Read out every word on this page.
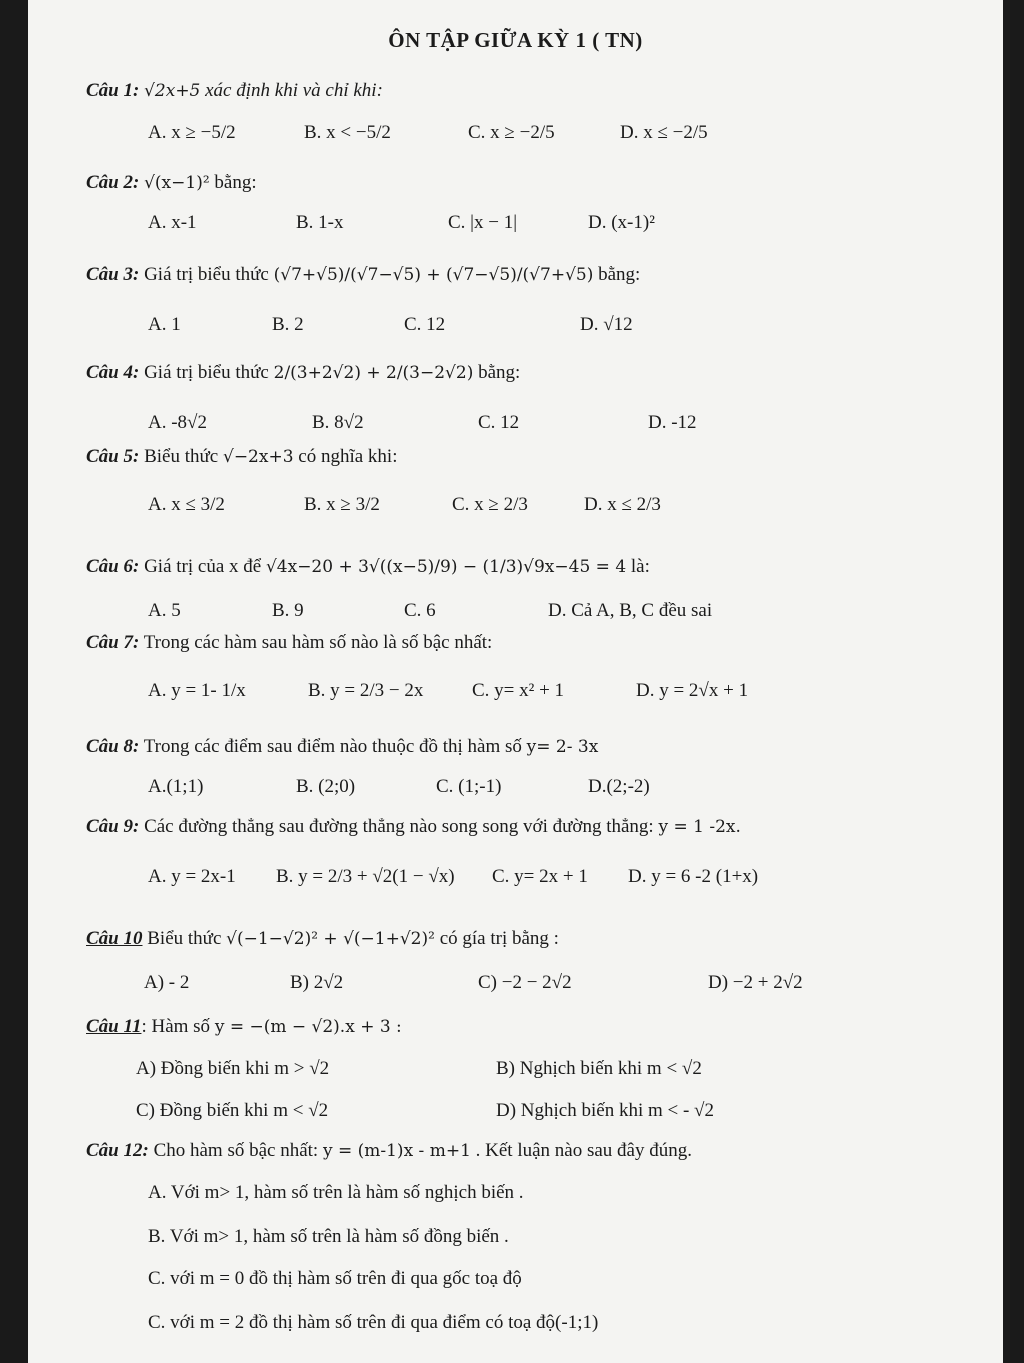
ÔN TẬP GIỮA KỲ 1 ( TN)
Câu 1: √2x+5 xác định khi và chỉ khi:
A. x ≥ −5/2	B. x < −5/2	C. x ≥ −2/5	D. x ≤ −2/5
Câu 2: √(x−1)² bằng:
A. x-1	B. 1-x	C. |x − 1|	D. (x-1)²
Câu 3: Giá trị biểu thức (√7+√5)/(√7−√5) + (√7−√5)/(√7+√5) bằng:
A. 1	B. 2	C. 12	D. √12
Câu 4: Giá trị biểu thức 2/(3+2√2) + 2/(3−2√2) bằng:
A. -8√2	B. 8√2	C. 12	D. -12
Câu 5: Biểu thức √−2x+3 có nghĩa khi:
A. x ≤ 3/2	B. x ≥ 3/2	C. x ≥ 2/3	D. x ≤ 2/3
Câu 6: Giá trị của x để √4x−20 + 3√((x−5)/9) − (1/3)√9x−45 = 4 là:
A. 5	B. 9	C. 6	D. Cả A, B, C đều sai
Câu 7: Trong các hàm sau hàm số nào là số bậc nhất:
A. y = 1- 1/x	B. y = 2/3 − 2x	C. y= x² + 1	D. y = 2√x + 1
Câu 8: Trong các điểm sau điểm nào thuộc đồ thị hàm số y= 2- 3x
A.(1;1)	B. (2;0)	C. (1;-1)	D.(2;-2)
Câu 9: Các đường thẳng sau đường thẳng nào song song với đường thẳng: y = 1 -2x.
A. y = 2x-1 B. y = 2/3 + √2(1 − √x) C. y= 2x + 1 D. y = 6 -2 (1+x)
Câu 10 Biểu thức √(−1−√2)² + √(−1+√2)² có gía trị bằng :
A) - 2	B) 2√2	C) −2 − 2√2	D) −2 + 2√2
Câu 11: Hàm số y = −(m − √2).x + 3 :
A) Đồng biến khi m > √2	B) Nghịch biến khi m < √2
C) Đồng biến khi m < √2	D) Nghịch biến khi m < - √2
Câu 12: Cho hàm số bậc nhất: y = (m-1)x - m+1 . Kết luận nào sau đây đúng.
A. Với m> 1, hàm số trên là hàm số nghịch biến .
B. Với m> 1, hàm số trên là hàm số đồng biến .
C. với m = 0 đồ thị hàm số trên đi qua gốc toạ độ
C. với m = 2 đồ thị hàm số trên đi qua điểm có toạ độ(-1;1)
